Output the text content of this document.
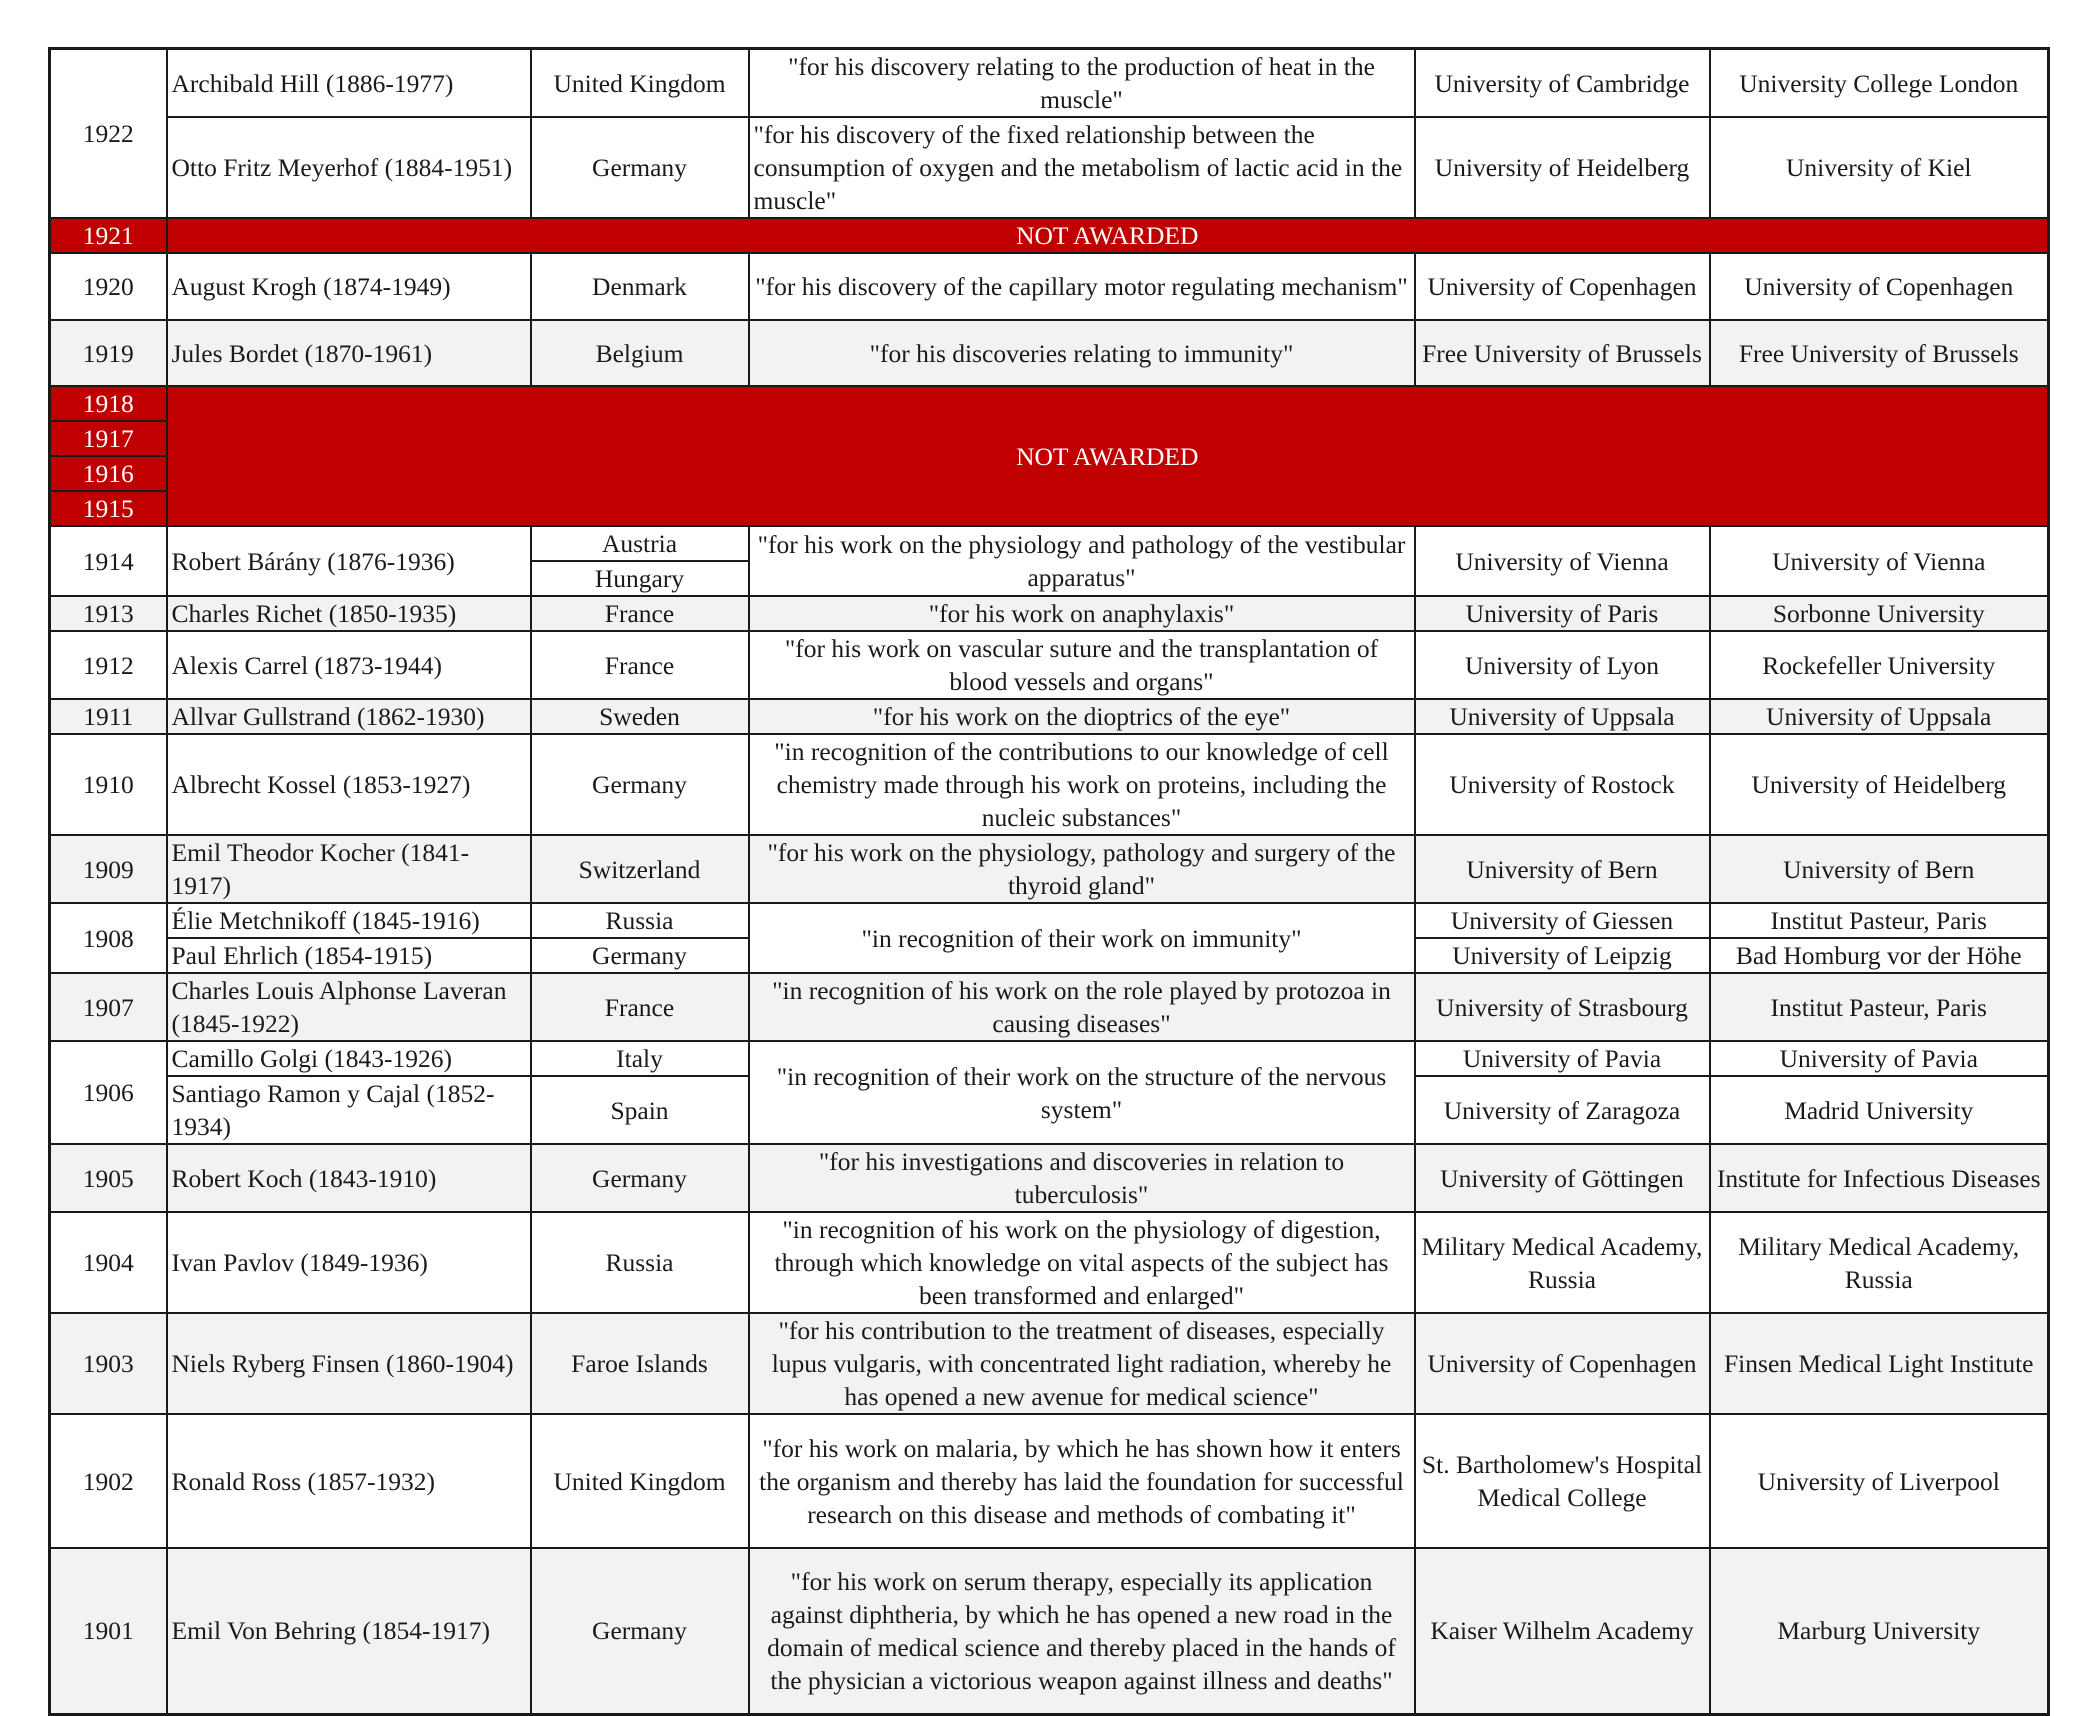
1922	Archibald Hill (1886-1977)	United Kingdom	"for his discovery relating to the production of heat in the muscle"	University of Cambridge	University College London
	Otto Fritz Meyerhof (1884-1951)	Germany	"for his discovery of the fixed relationship between the consumption of oxygen and the metabolism of lactic acid in the muscle"	University of Heidelberg	University of Kiel
1921	NOT AWARDED				
1920	August Krogh (1874-1949)	Denmark	"for his discovery of the capillary motor regulating mechanism"	University of Copenhagen	University of Copenhagen
1919	Jules Bordet (1870-1961)	Belgium	"for his discoveries relating to immunity"	Free University of Brussels	Free University of Brussels
1918	NOT AWARDED				
1917					
1916					
1915					
1914	Robert Bárány (1876-1936)	Austria	"for his work on the physiology and pathology of the vestibular apparatus"	University of Vienna	University of Vienna
		Hungary			
1913	Charles Richet (1850-1935)	France	"for his work on anaphylaxis"	University of Paris	Sorbonne University
1912	Alexis Carrel (1873-1944)	France	"for his work on vascular suture and the transplantation of blood vessels and organs"	University of Lyon	Rockefeller University
1911	Allvar Gullstrand (1862-1930)	Sweden	"for his work on the dioptrics of the eye"	University of Uppsala	University of Uppsala
1910	Albrecht Kossel (1853-1927)	Germany	"in recognition of the contributions to our knowledge of cell chemistry made through his work on proteins, including the nucleic substances"	University of Rostock	University of Heidelberg
1909	Emil Theodor Kocher (1841-1917)	Switzerland	"for his work on the physiology, pathology and surgery of the thyroid gland"	University of Bern	University of Bern
1908	Élie Metchnikoff (1845-1916)	Russia	"in recognition of their work on immunity"	University of Giessen	Institut Pasteur, Paris
	Paul Ehrlich (1854-1915)	Germany		University of Leipzig	Bad Homburg vor der Höhe
1907	Charles Louis Alphonse Laveran (1845-1922)	France	"in recognition of his work on the role played by protozoa in causing diseases"	University of Strasbourg	Institut Pasteur, Paris
1906	Camillo Golgi (1843-1926)	Italy	"in recognition of their work on the structure of the nervous system"	University of Pavia	University of Pavia
	Santiago Ramon y Cajal (1852-1934)	Spain		University of Zaragoza	Madrid University
1905	Robert Koch (1843-1910)	Germany	"for his investigations and discoveries in relation to tuberculosis"	University of Göttingen	Institute for Infectious Diseases
1904	Ivan Pavlov (1849-1936)	Russia	"in recognition of his work on the physiology of digestion, through which knowledge on vital aspects of the subject has been transformed and enlarged"	Military Medical Academy, Russia	Military Medical Academy, Russia
1903	Niels Ryberg Finsen (1860-1904)	Faroe Islands	"for his contribution to the treatment of diseases, especially lupus vulgaris, with concentrated light radiation, whereby he has opened a new avenue for medical science"	University of Copenhagen	Finsen Medical Light Institute
1902	Ronald Ross (1857-1932)	United Kingdom	"for his work on malaria, by which he has shown how it enters the organism and thereby has laid the foundation for successful research on this disease and methods of combating it"	St. Bartholomew's Hospital Medical College	University of Liverpool
1901	Emil Von Behring (1854-1917)	Germany	"for his work on serum therapy, especially its application against diphtheria, by which he has opened a new road in the domain of medical science and thereby placed in the hands of the physician a victorious weapon against illness and deaths"	Kaiser Wilhelm Academy	Marburg University
